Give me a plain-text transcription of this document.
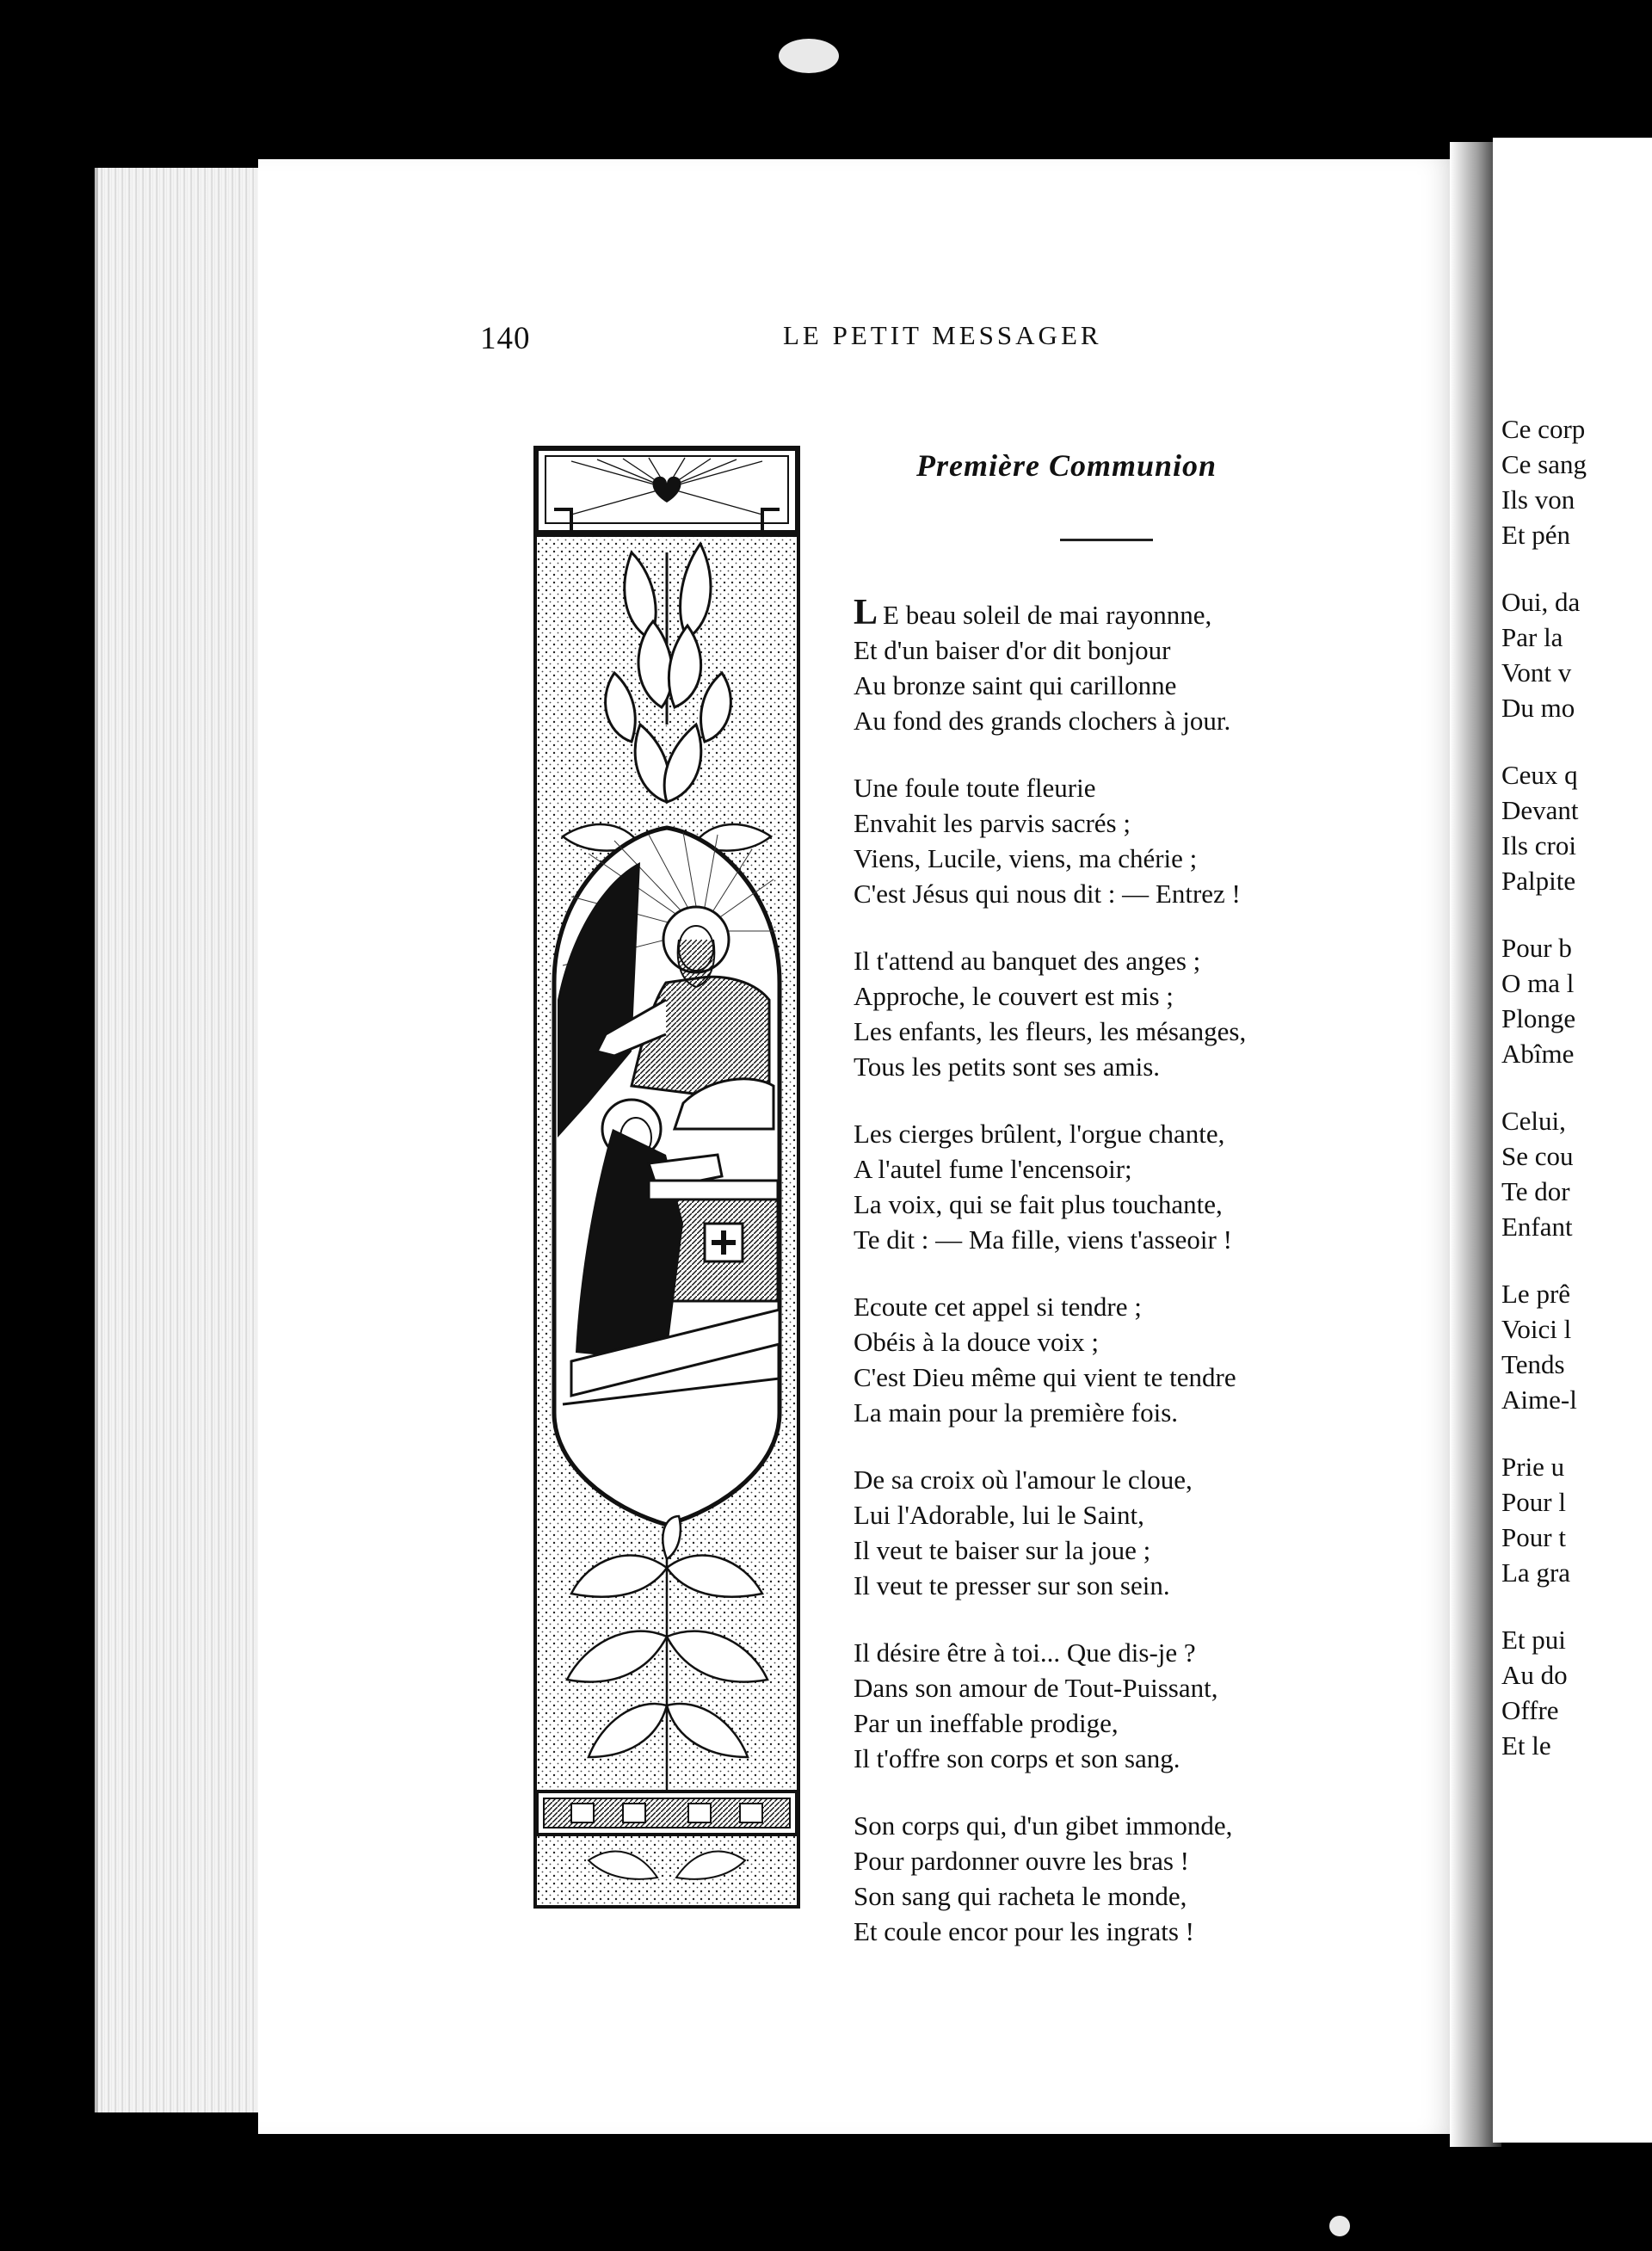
Ce corp
Ce sang
Ils von
Et pén
Oui, da
Par la
Vont v
Du mo
Ceux q
Devant
Ils croi
Palpite
Pour b
O ma l
Plonge
Abîme
Celui,
Se cou
Te dor
Enfant
Le prê
Voici l
Tends
Aime-l
Prie u
Pour l
Pour t
La gra
Et pui
Au do
Offre
Et le
140	LE PETIT MESSAGER
Première Communion
L E beau soleil de mai rayonnne,
Et d'un baiser d'or dit bonjour
Au bronze saint qui carillonne
Au fond des grands clochers à jour.
Une foule toute fleurie
Envahit les parvis sacrés ;
Viens, Lucile, viens, ma chérie ;
C'est Jésus qui nous dit : — Entrez !
Il t'attend au banquet des anges ;
Approche, le couvert est mis ;
Les enfants, les fleurs, les mésanges,
Tous les petits sont ses amis.
Les cierges brûlent, l'orgue chante,
A l'autel fume l'encensoir;
La voix, qui se fait plus touchante,
Te dit : — Ma fille, viens t'asseoir !
Ecoute cet appel si tendre ;
Obéis à la douce voix ;
C'est Dieu même qui vient te tendre
La main pour la première fois.
De sa croix où l'amour le cloue,
Lui l'Adorable, lui le Saint,
Il veut te baiser sur la joue ;
Il veut te presser sur son sein.
Il désire être à toi... Que dis-je ?
Dans son amour de Tout-Puissant,
Par un ineffable prodige,
Il t'offre son corps et son sang.
Son corps qui, d'un gibet immonde,
Pour pardonner ouvre les bras !
Son sang qui racheta le monde,
Et coule encor pour les ingrats !
